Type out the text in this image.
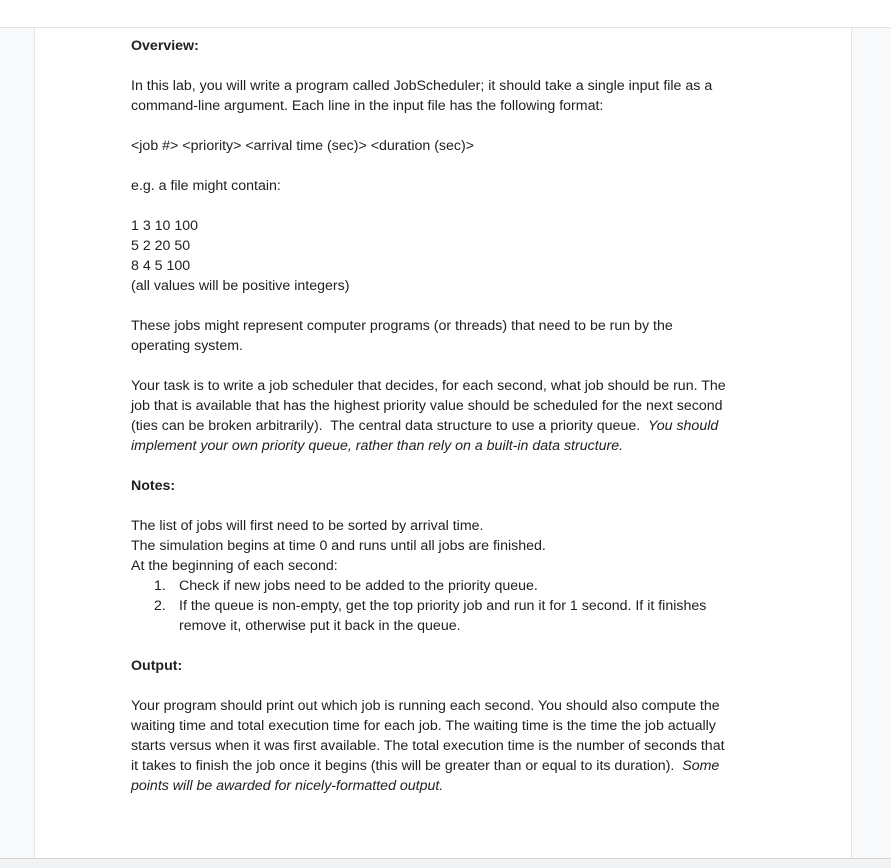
Overview:

In this lab, you will write a program called JobScheduler; it should take a single input file as a

command-line argument. Each line in the input file has the following format:

<job #> <priority> <arrival time (sec)> <duration (sec)>

e.g. a file might contain:

1 3 10 100

5 2 20 50

8 4 5 100

(all values will be positive integers)

These jobs might represent computer programs (or threads) that need to be run by the

operating system.

Your task is to write a job scheduler that decides, for each second, what job should be run. The

job that is available that has the highest priority value should be scheduled for the next second

(ties can be broken arbitrarily).  The central data structure to use a priority queue.  You should

implement your own priority queue, rather than rely on a built-in data structure.

Notes:

The list of jobs will first need to be sorted by arrival time.

The simulation begins at time 0 and runs until all jobs are finished.

At the beginning of each second:

1. Check if new jobs need to be added to the priority queue.
2. If the queue is non-empty, get the top priority job and run it for 1 second. If it finishes
remove it, otherwise put it back in the queue.

Output:

Your program should print out which job is running each second. You should also compute the

waiting time and total execution time for each job. The waiting time is the time the job actually

starts versus when it was first available. The total execution time is the number of seconds that

it takes to finish the job once it begins (this will be greater than or equal to its duration).  Some

points will be awarded for nicely-formatted output.
